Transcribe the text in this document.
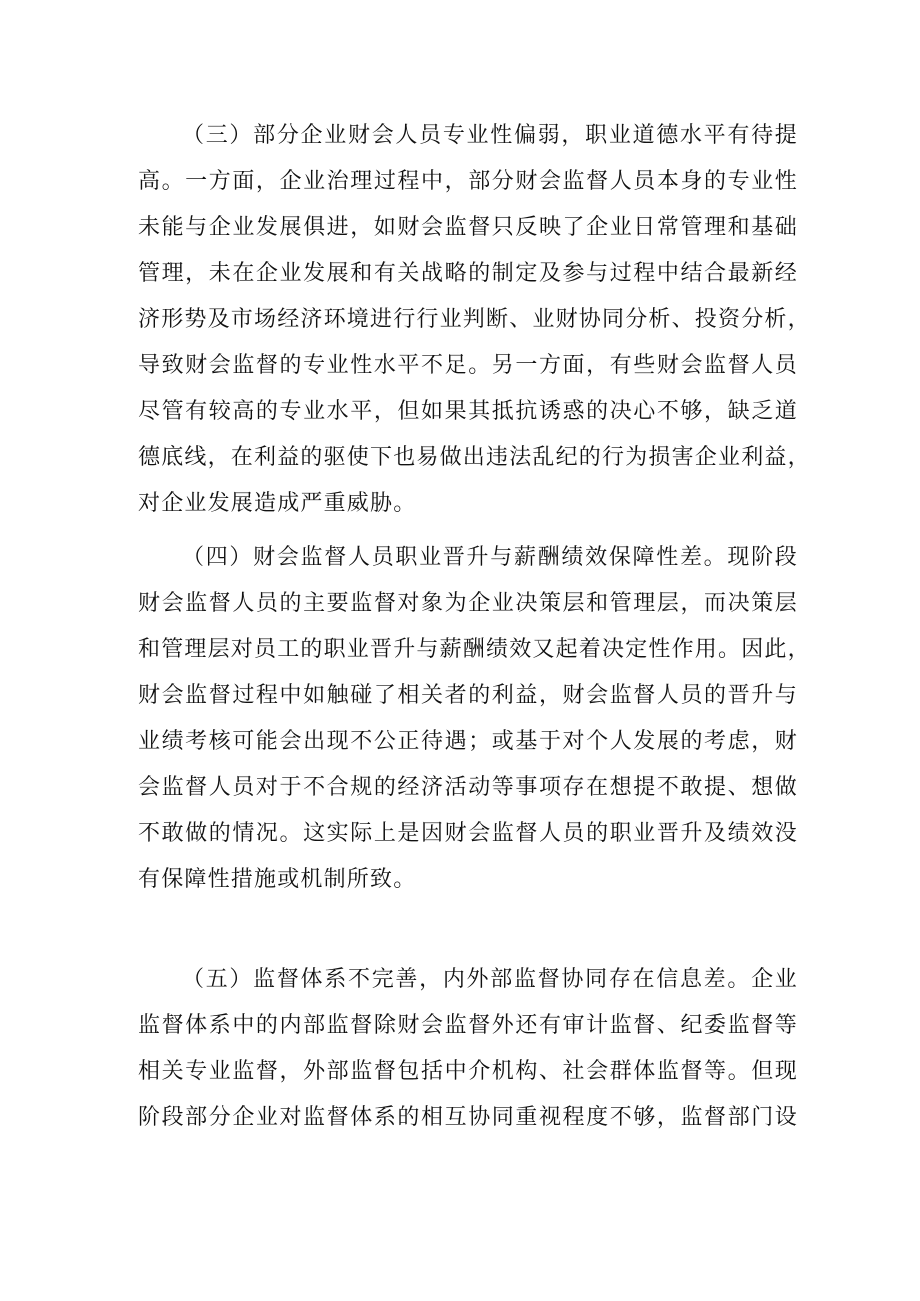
（三）部分企业财会人员专业性偏弱，职业道德水平有待提
高。一方面，企业治理过程中，部分财会监督人员本身的专业性
未能与企业发展俱进，如财会监督只反映了企业日常管理和基础
管理，未在企业发展和有关战略的制定及参与过程中结合最新经
济形势及市场经济环境进行行业判断、业财协同分析、投资分析，
导致财会监督的专业性水平不足。另一方面，有些财会监督人员
尽管有较高的专业水平，但如果其抵抗诱惑的决心不够，缺乏道
德底线，在利益的驱使下也易做出违法乱纪的行为损害企业利益，
对企业发展造成严重威胁。
（四）财会监督人员职业晋升与薪酬绩效保障性差。现阶段
财会监督人员的主要监督对象为企业决策层和管理层，而决策层
和管理层对员工的职业晋升与薪酬绩效又起着决定性作用。因此，
财会监督过程中如触碰了相关者的利益，财会监督人员的晋升与
业绩考核可能会出现不公正待遇；或基于对个人发展的考虑，财
会监督人员对于不合规的经济活动等事项存在想提不敢提、想做
不敢做的情况。这实际上是因财会监督人员的职业晋升及绩效没
有保障性措施或机制所致。
（五）监督体系不完善，内外部监督协同存在信息差。企业
监督体系中的内部监督除财会监督外还有审计监督、纪委监督等
相关专业监督，外部监督包括中介机构、社会群体监督等。但现
阶段部分企业对监督体系的相互协同重视程度不够，监督部门设
